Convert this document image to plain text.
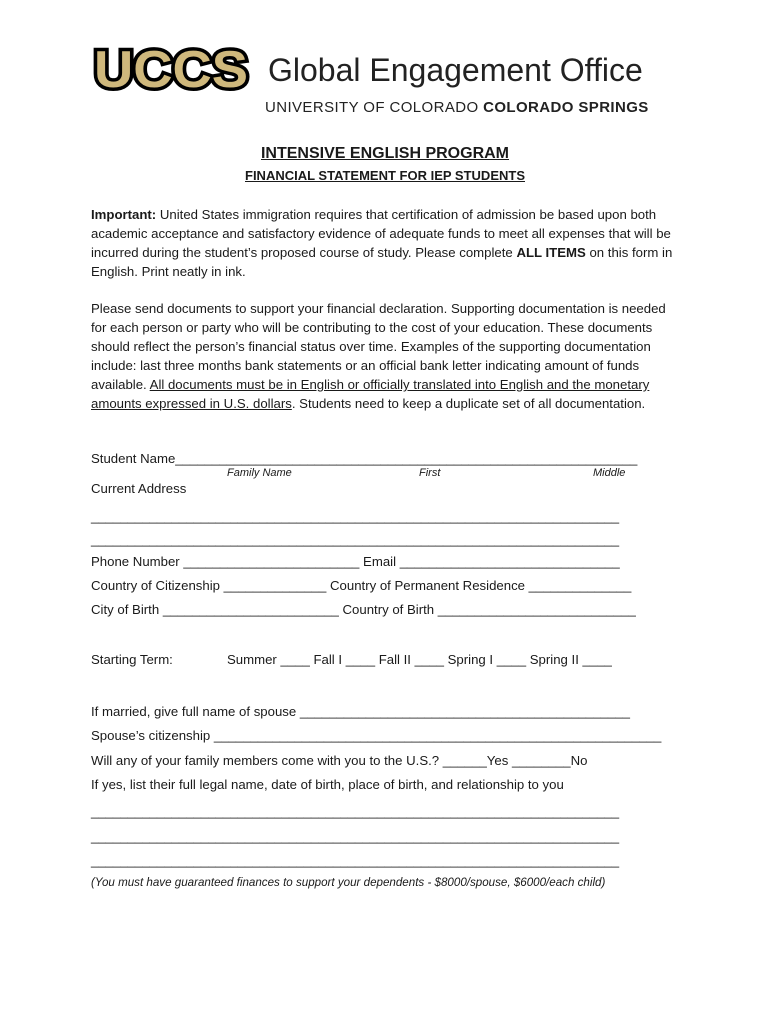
UCCS Global Engagement Office
UNIVERSITY OF COLORADO COLORADO SPRINGS
INTENSIVE ENGLISH PROGRAM
FINANCIAL STATEMENT FOR IEP STUDENTS
Important: United States immigration requires that certification of admission be based upon both academic acceptance and satisfactory evidence of adequate funds to meet all expenses that will be incurred during the student’s proposed course of study. Please complete ALL ITEMS on this form in English. Print neatly in ink.
Please send documents to support your financial declaration. Supporting documentation is needed for each person or party who will be contributing to the cost of your education. These documents should reflect the person’s financial status over time. Examples of the supporting documentation include: last three months bank statements or an official bank letter indicating amount of funds available. All documents must be in English or officially translated into English and the monetary amounts expressed in U.S. dollars. Students need to keep a duplicate set of all documentation.
Student Name_______________________________________________________________
Family Name	First	Middle
Current Address
________________________________________________________________________
________________________________________________________________________
Phone Number ________________________ Email ______________________________
Country of Citizenship ______________ Country of Permanent Residence ______________
City of Birth ________________________ Country of Birth ___________________________
Starting Term:	Summer ____ Fall I ____ Fall II ____ Spring I ____ Spring II ____
If married, give full name of spouse _____________________________________________
Spouse’s citizenship _____________________________________________________________
Will any of your family members come with you to the U.S.? ______Yes ________No
If yes, list their full legal name, date of birth, place of birth, and relationship to you
________________________________________________________________________
________________________________________________________________________
________________________________________________________________________
(You must have guaranteed finances to support your dependents - $8000/spouse, $6000/each child)
